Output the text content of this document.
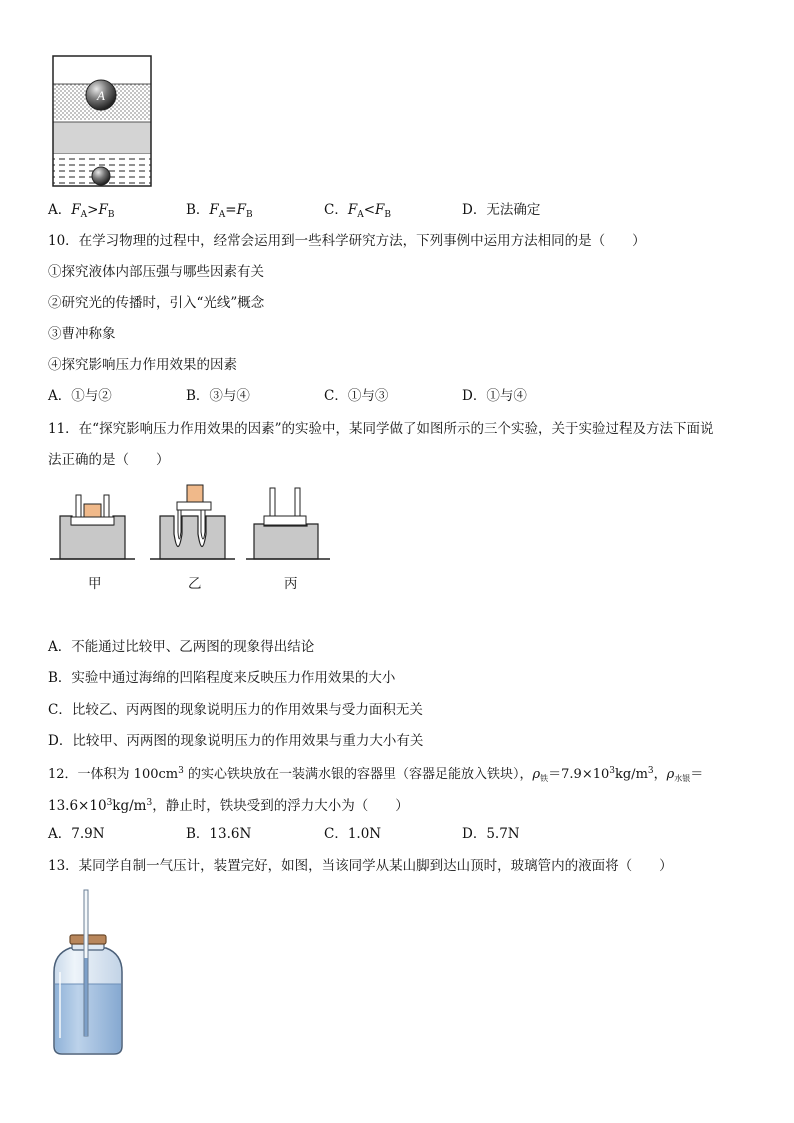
A
A．$F_A>F_B$	B．$F_A=F_B$	C．$F_A<F_B$	D．无法确定
10．在学习物理的过程中，经常会运用到一些科学研究方法，下列事例中运用方法相同的是（　　）
①探究液体内部压强与哪些因素有关
②研究光的传播时，引入“光线”概念
③曹冲称象
④探究影响压力作用效果的因素
A．①与②	B．③与④	C．①与③	D．①与④
11．在“探究影响压力作用效果的因素”的实验中，某同学做了如图所示的三个实验，关于实验过程及方法下面说
法正确的是（　　）
甲	乙	丙
A．不能通过比较甲、乙两图的现象得出结论
B．实验中通过海绵的凹陷程度来反映压力作用效果的大小
C．比较乙、丙两图的现象说明压力的作用效果与受力面积无关
D．比较甲、丙两图的现象说明压力的作用效果与重力大小有关
12．一体积为 $100cm^3$ 的实心铁块放在一装满水银的容器里（容器足能放入铁块），$\rho_铁=7.9\times 10^3kg/m^3$，$\rho_{水银}=$
$13.6\times 10^3kg/m^3$，静止时，铁块受到的浮力大小为（　　）
A．7.9N	B．13.6N	C．1.0N	D．5.7N
13．某同学自制一气压计，装置完好，如图，当该同学从某山脚到达山顶时，玻璃管内的液面将（　　）
